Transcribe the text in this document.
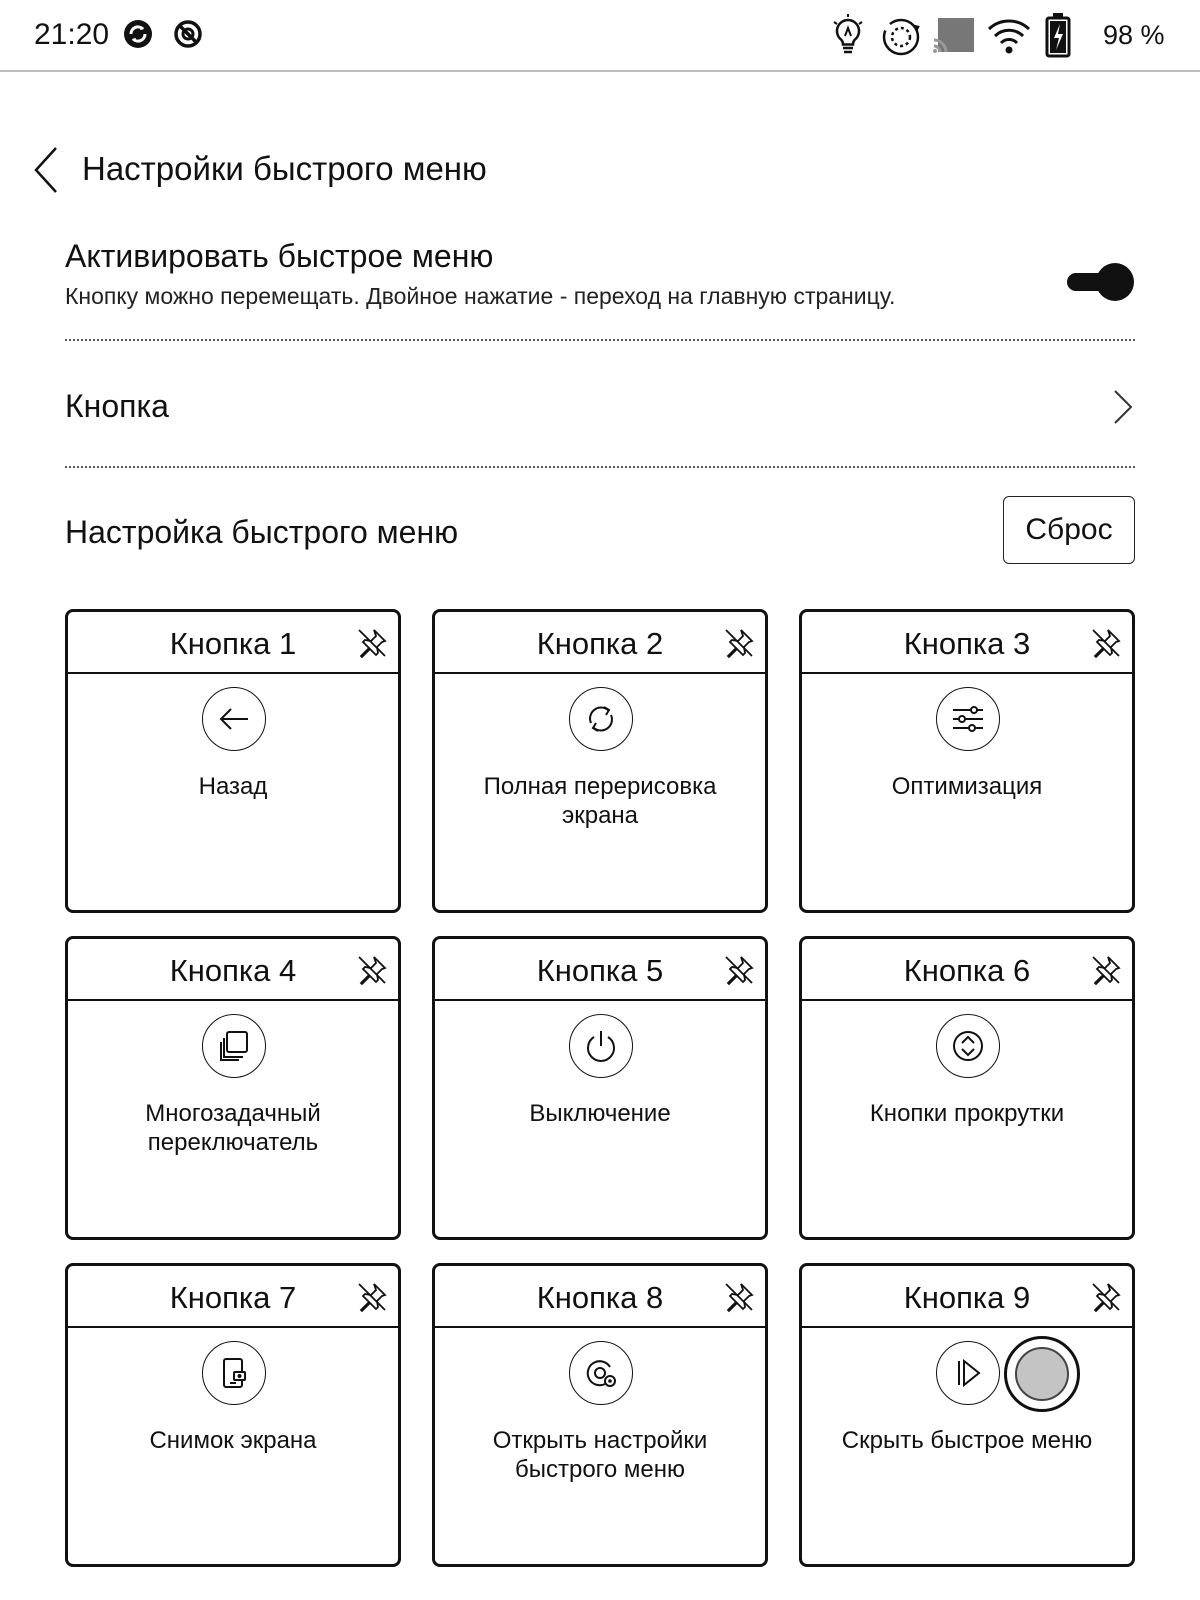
21:20	98 %
Настройки быстрого меню
Активировать быстрое меню
Кнопку можно перемещать. Двойное нажатие - переход на главную страницу.
Кнопка
Настройка быстрого меню	Сброс
Кнопка 1
Назад
Кнопка 2
Полная перерисовка экрана
Кнопка 3
Оптимизация
Кнопка 4
Многозадачный переключатель
Кнопка 5
Выключение
Кнопка 6
Кнопки прокрутки
Кнопка 7
Снимок экрана
Кнопка 8
Открыть настройки быстрого меню
Кнопка 9
Скрыть быстрое меню
